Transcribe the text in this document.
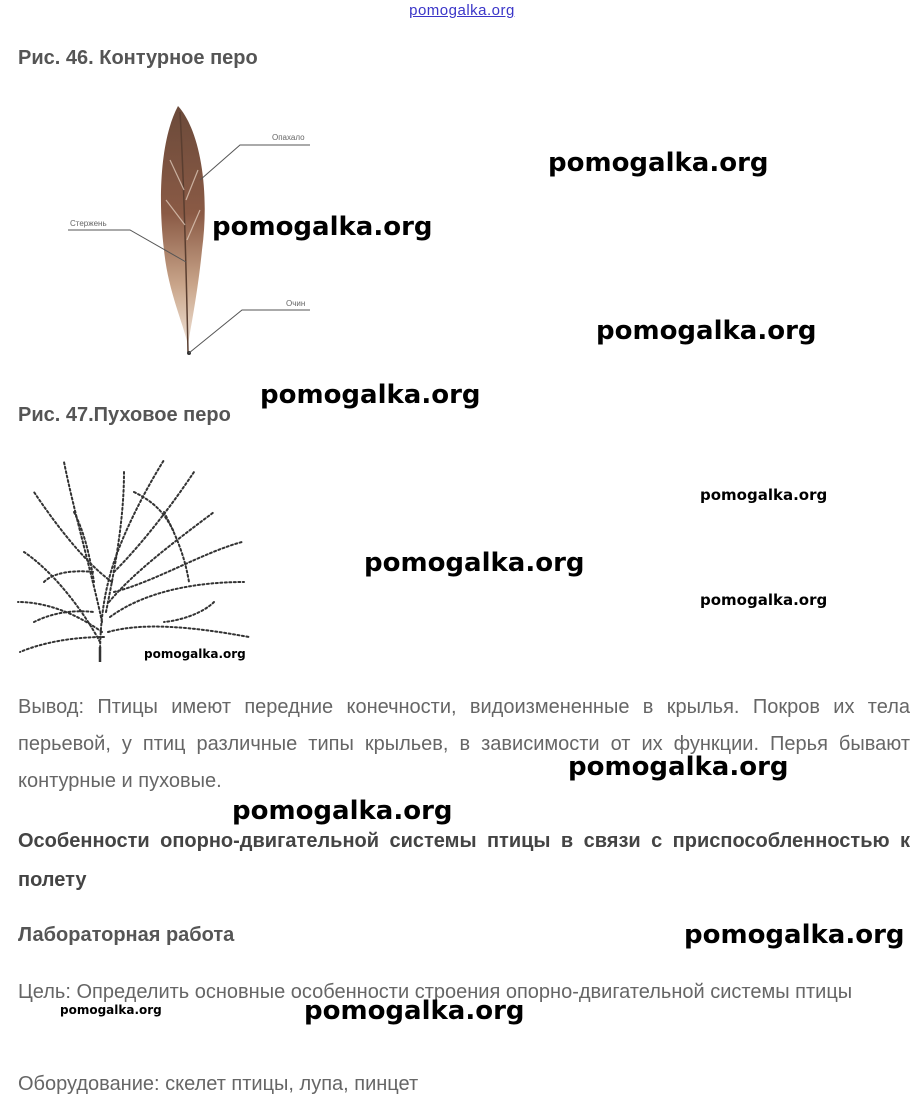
pomogalka.org
Рис. 46. Контурное перо
Опахало
Стержень
Очин
Рис. 47.Пуховое перо
Вывод: Птицы имеют передние конечности, видоизмененные в крылья. Покров их тела перьевой, у птиц различные типы крыльев, в зависимости от их функции. Перья бывают контурные и пуховые.
Особенности опорно-двигательной системы птицы в связи с приспособленностью к полету
Лабораторная работа
Цель: Определить основные особенности строения опорно-двигательной системы птицы
Оборудование: скелет птицы, лупа, пинцет
pomogalka.org
pomogalka.org
pomogalka.org
pomogalka.org
pomogalka.org
pomogalka.org
pomogalka.org
pomogalka.org
pomogalka.org
pomogalka.org
pomogalka.org
pomogalka.org	pomogalka.org
